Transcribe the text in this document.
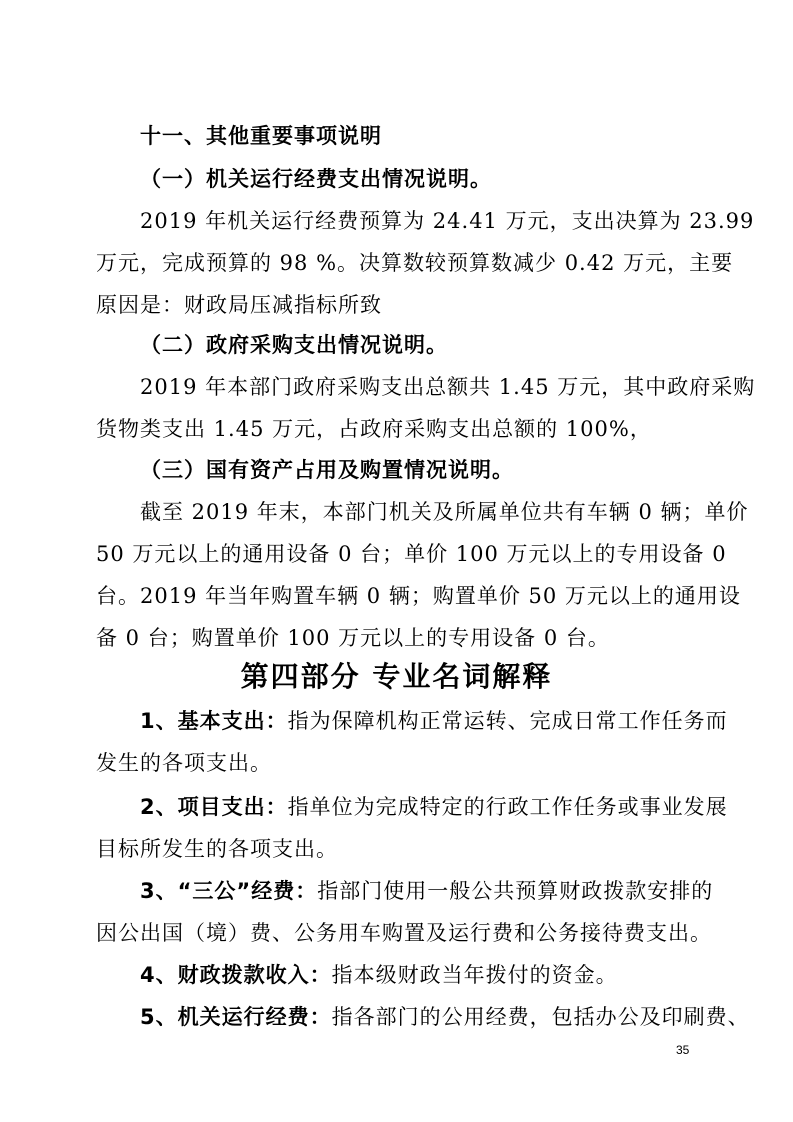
十一、其他重要事项说明
（一）机关运行经费支出情况说明。
2019 年机关运行经费预算为 24.41 万元，支出决算为 23.99
万元，完成预算的 98 %。决算数较预算数减少 0.42 万元，主要
原因是：财政局压减指标所致
（二）政府采购支出情况说明。
2019 年本部门政府采购支出总额共 1.45 万元，其中政府采购
货物类支出 1.45 万元，占政府采购支出总额的 100%，
（三）国有资产占用及购置情况说明。
截至 2019 年末，本部门机关及所属单位共有车辆 0 辆；单价
50 万元以上的通用设备 0 台；单价 100 万元以上的专用设备 0
台。2019 年当年购置车辆 0 辆；购置单价 50 万元以上的通用设
备 0 台；购置单价 100 万元以上的专用设备 0 台。
第四部分 专业名词解释
1、基本支出：指为保障机构正常运转、完成日常工作任务而
发生的各项支出。
2、项目支出：指单位为完成特定的行政工作任务或事业发展
目标所发生的各项支出。
3、“三公”经费：指部门使用一般公共预算财政拨款安排的
因公出国（境）费、公务用车购置及运行费和公务接待费支出。
4、财政拨款收入：指本级财政当年拨付的资金。
5、机关运行经费：指各部门的公用经费，包括办公及印刷费、
35
